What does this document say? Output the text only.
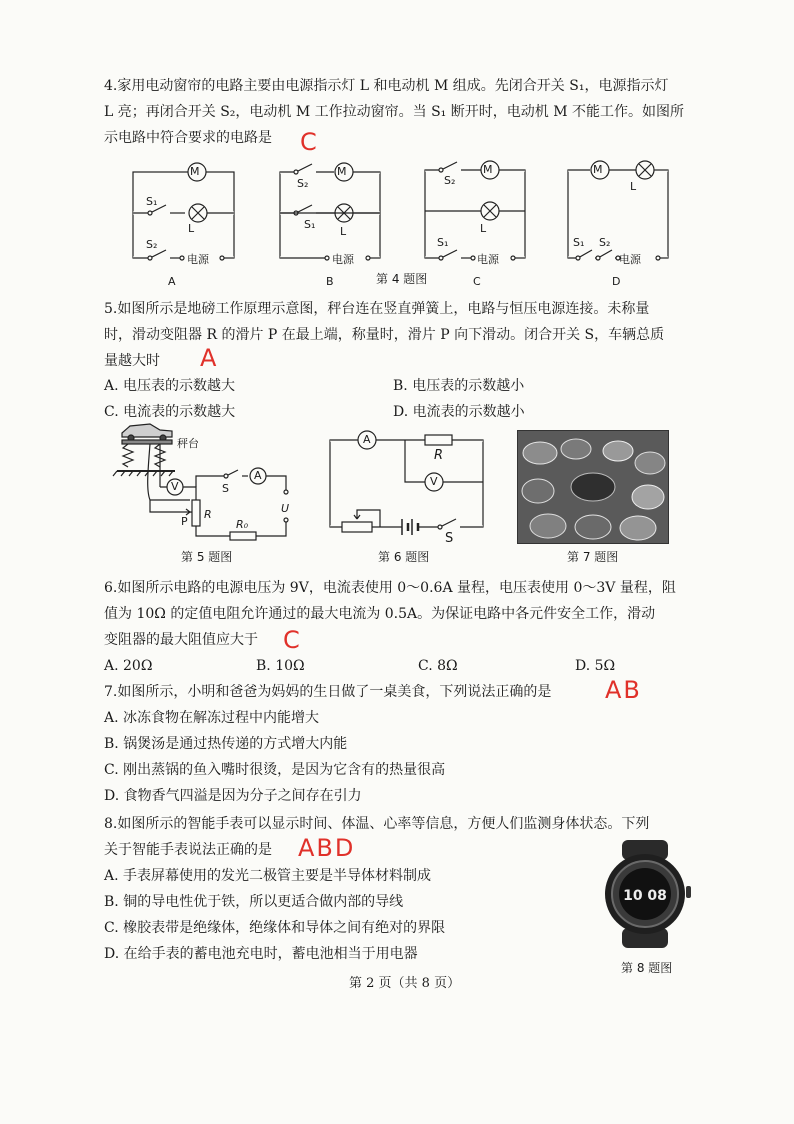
4.家用电动窗帘的电路主要由电源指示灯 L 和电动机 M 组成。先闭合开关 S₁，电源指示灯
L 亮；再闭合开关 S₂，电动机 M 工作拉动窗帘。当 S₁ 断开时，电动机 M 不能工作。如图所
示电路中符合要求的电路是 C
M
S₁
L
S₂
电源
A
M
S₂
S₁
L
电源
B
M
S₂
L
S₁
电源
C
M
L
S₁ S₂
电源
D
第 4 题图
5.如图所示是地磅工作原理示意图，秤台连在竖直弹簧上，电路与恒压电源连接。未称量
时，滑动变阻器 R 的滑片 P 在最上端，称量时，滑片 P 向下滑动。闭合开关 S，车辆总质
量越大时 A
A. 电压表的示数越大	B. 电压表的示数越小
C. 电流表的示数越大	D. 电流表的示数越小
秤台
V
A
S
P
R
R₀
U
第 5 题图
A
R
V
S
第 6 题图	第 7 题图
6.如图所示电路的电源电压为 9V，电流表使用 0～0.6A 量程，电压表使用 0～3V 量程，阻
值为 10Ω 的定值电阻允许通过的最大电流为 0.5A。为保证电路中各元件安全工作，滑动
变阻器的最大阻值应大于 C
A. 20Ω	B. 10Ω	C. 8Ω	D. 5Ω
7.如图所示，小明和爸爸为妈妈的生日做了一桌美食，下列说法正确的是 AB
A. 冰冻食物在解冻过程中内能增大
B. 锅煲汤是通过热传递的方式增大内能
C. 刚出蒸锅的鱼入嘴时很烫，是因为它含有的热量很高
D. 食物香气四溢是因为分子之间存在引力
8.如图所示的智能手表可以显示时间、体温、心率等信息，方便人们监测身体状态。下列
关于智能手表说法正确的是 ABD
A. 手表屏幕使用的发光二极管主要是半导体材料制成
B. 铜的导电性优于铁，所以更适合做内部的导线
C. 橡胶表带是绝缘体，绝缘体和导体之间有绝对的界限
D. 在给手表的蓄电池充电时，蓄电池相当于用电器
10 08
第 8 题图
第 2 页（共 8 页）
